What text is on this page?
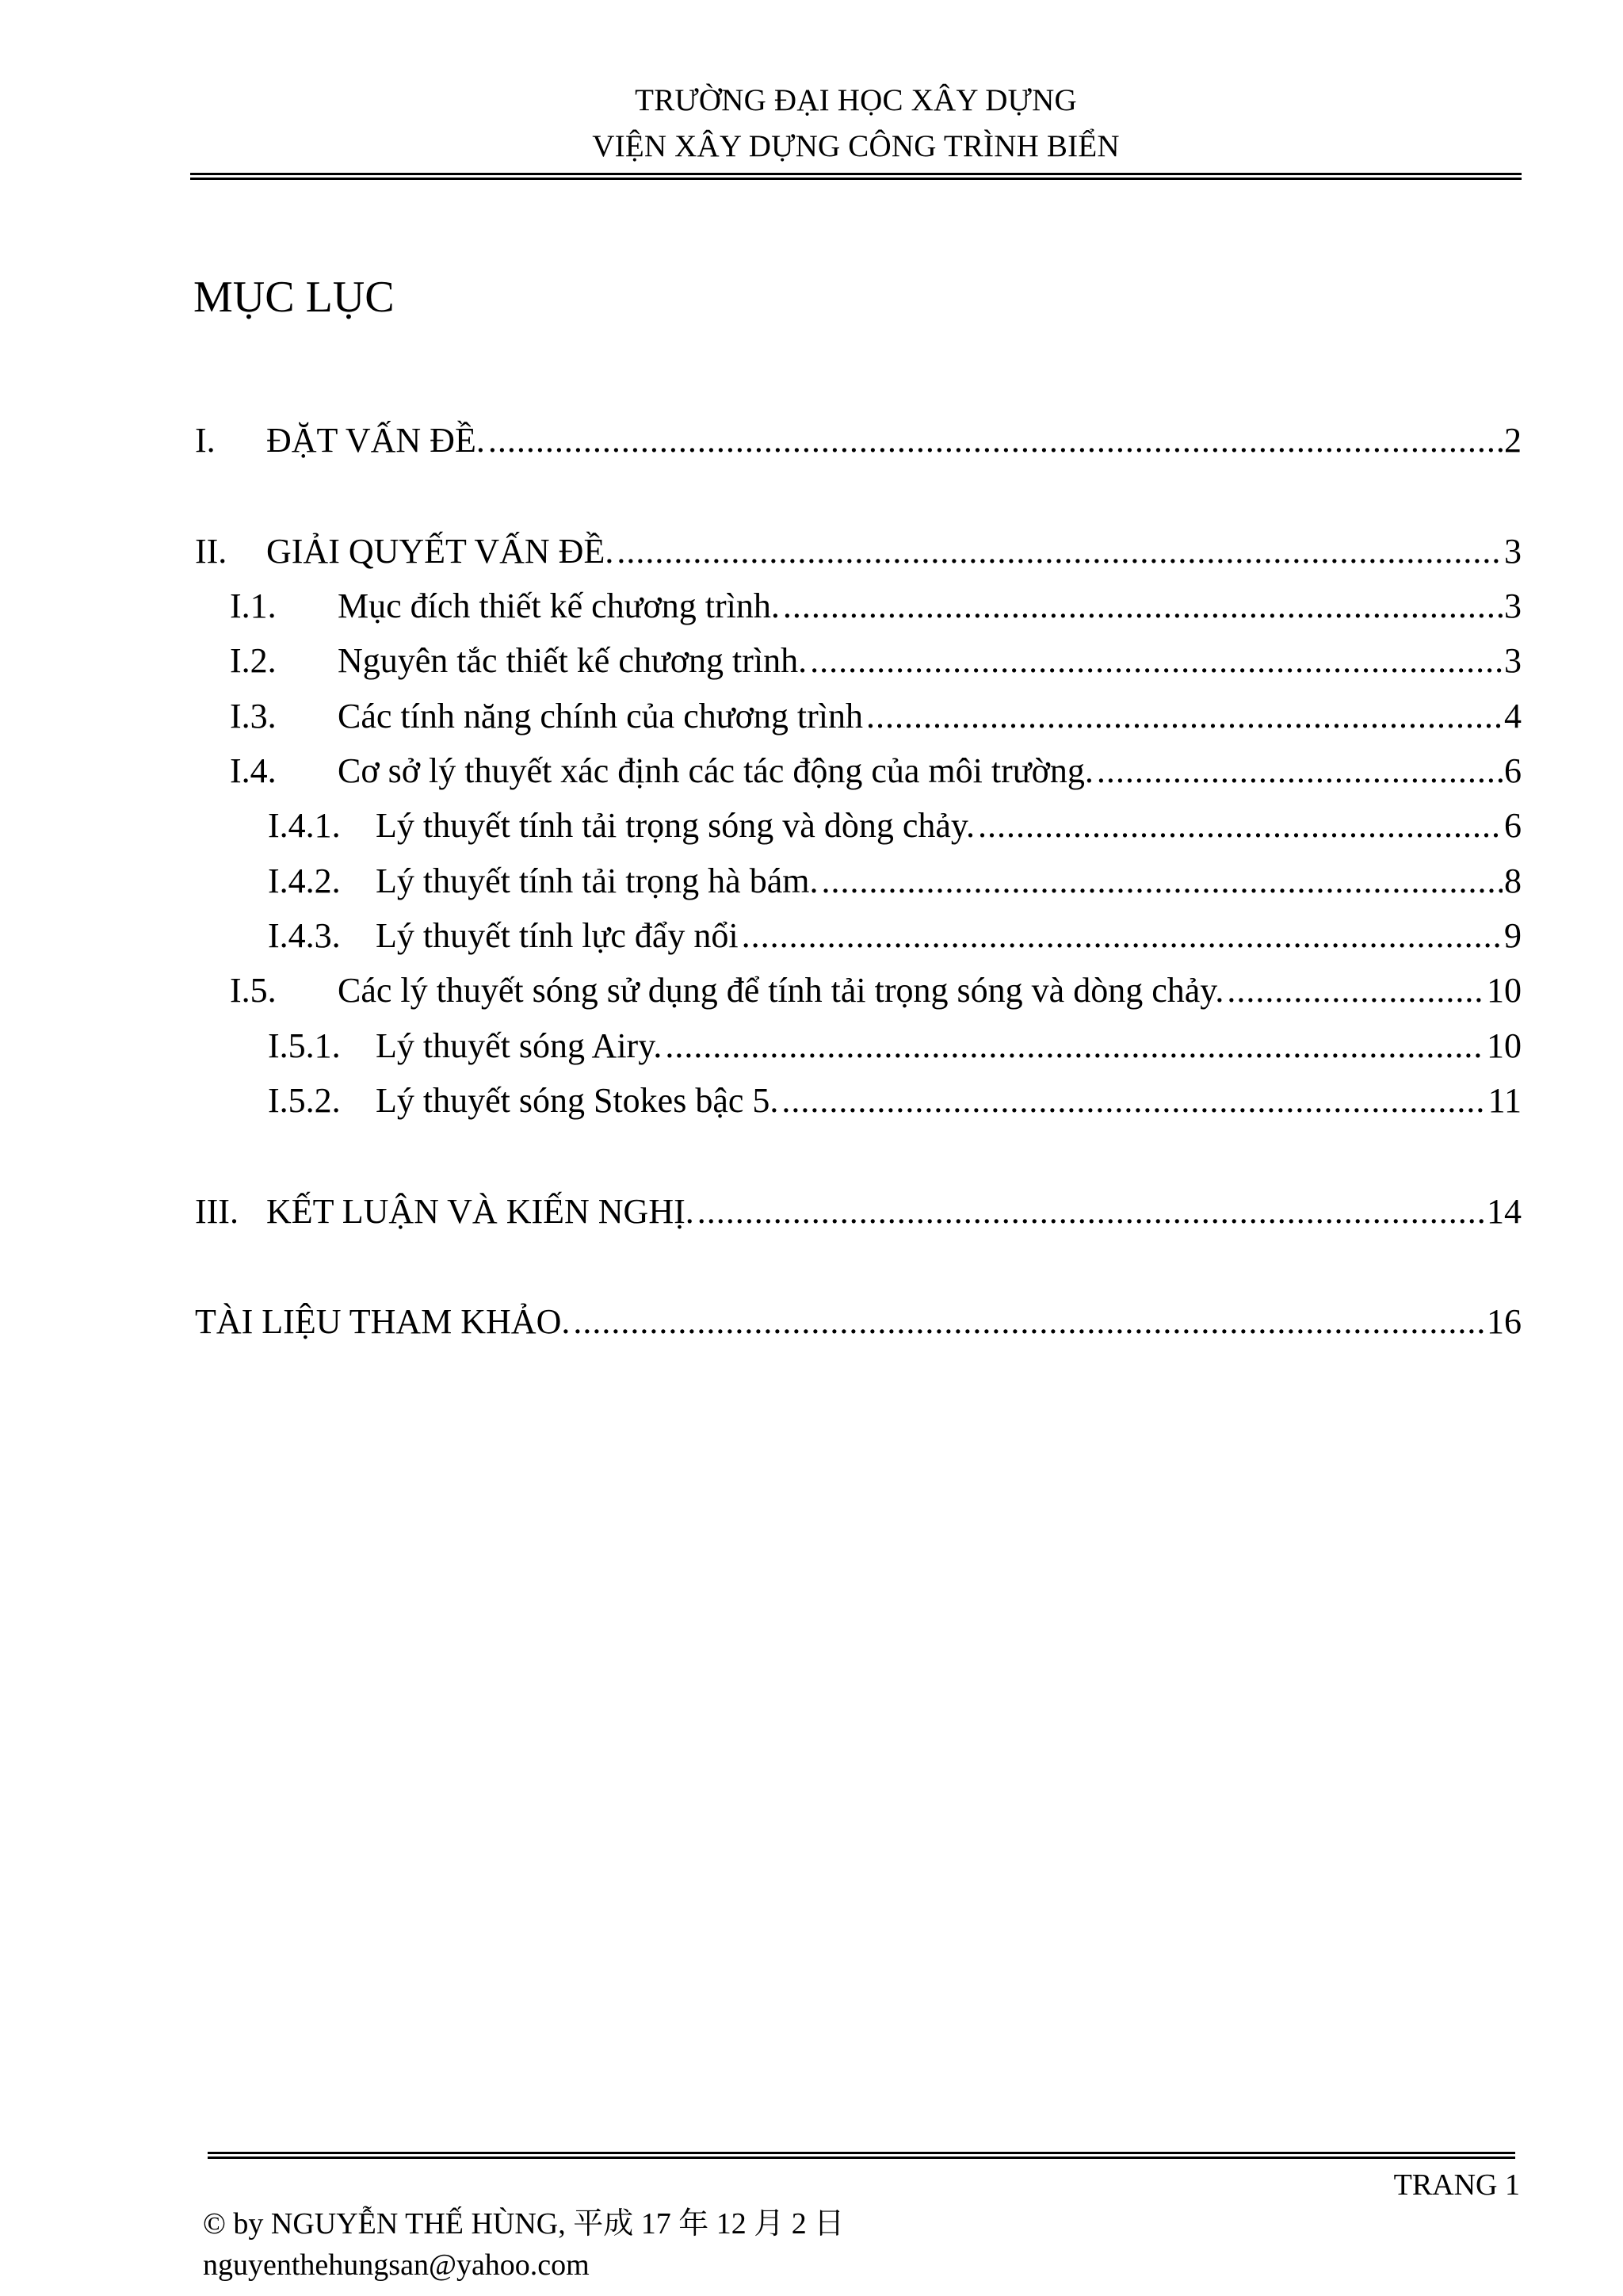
TRƯỜNG ĐẠI HỌC XÂY DỰNG
VIỆN XÂY DỰNG CÔNG TRÌNH BIỂN
MỤC LỤC
I.	ĐẶT VẤN ĐỀ. .....	2
II.	GIẢI QUYẾT VẤN ĐỀ. .....	3
I.1.	Mục đích thiết kế chương trình. .....	3
I.2.	Nguyên tắc thiết kế chương trình. .....	3
I.3.	Các tính năng chính của chương trình .....	4
I.4.	Cơ sở lý thuyết xác định các tác động của môi trường. .....	6
I.4.1.	Lý thuyết tính tải trọng sóng và dòng chảy. .....	6
I.4.2.	Lý thuyết tính tải trọng hà bám. .....	8
I.4.3.	Lý thuyết tính lực đẩy nổi .....	9
I.5.	Các lý thuyết sóng sử dụng để tính tải trọng sóng và dòng chảy. .....	10
I.5.1.	Lý thuyết sóng Airy. .....	10
I.5.2.	Lý thuyết sóng Stokes bậc 5. .....	11
III. KẾT LUẬN VÀ KIẾN NGHỊ. .....	14
TÀI LIỆU THAM KHẢO. .....	16
TRANG 1
© by NGUYỄN THẾ HÙNG, 平成 17 年 12 月 2 日
nguyenthehungsan@yahoo.com
